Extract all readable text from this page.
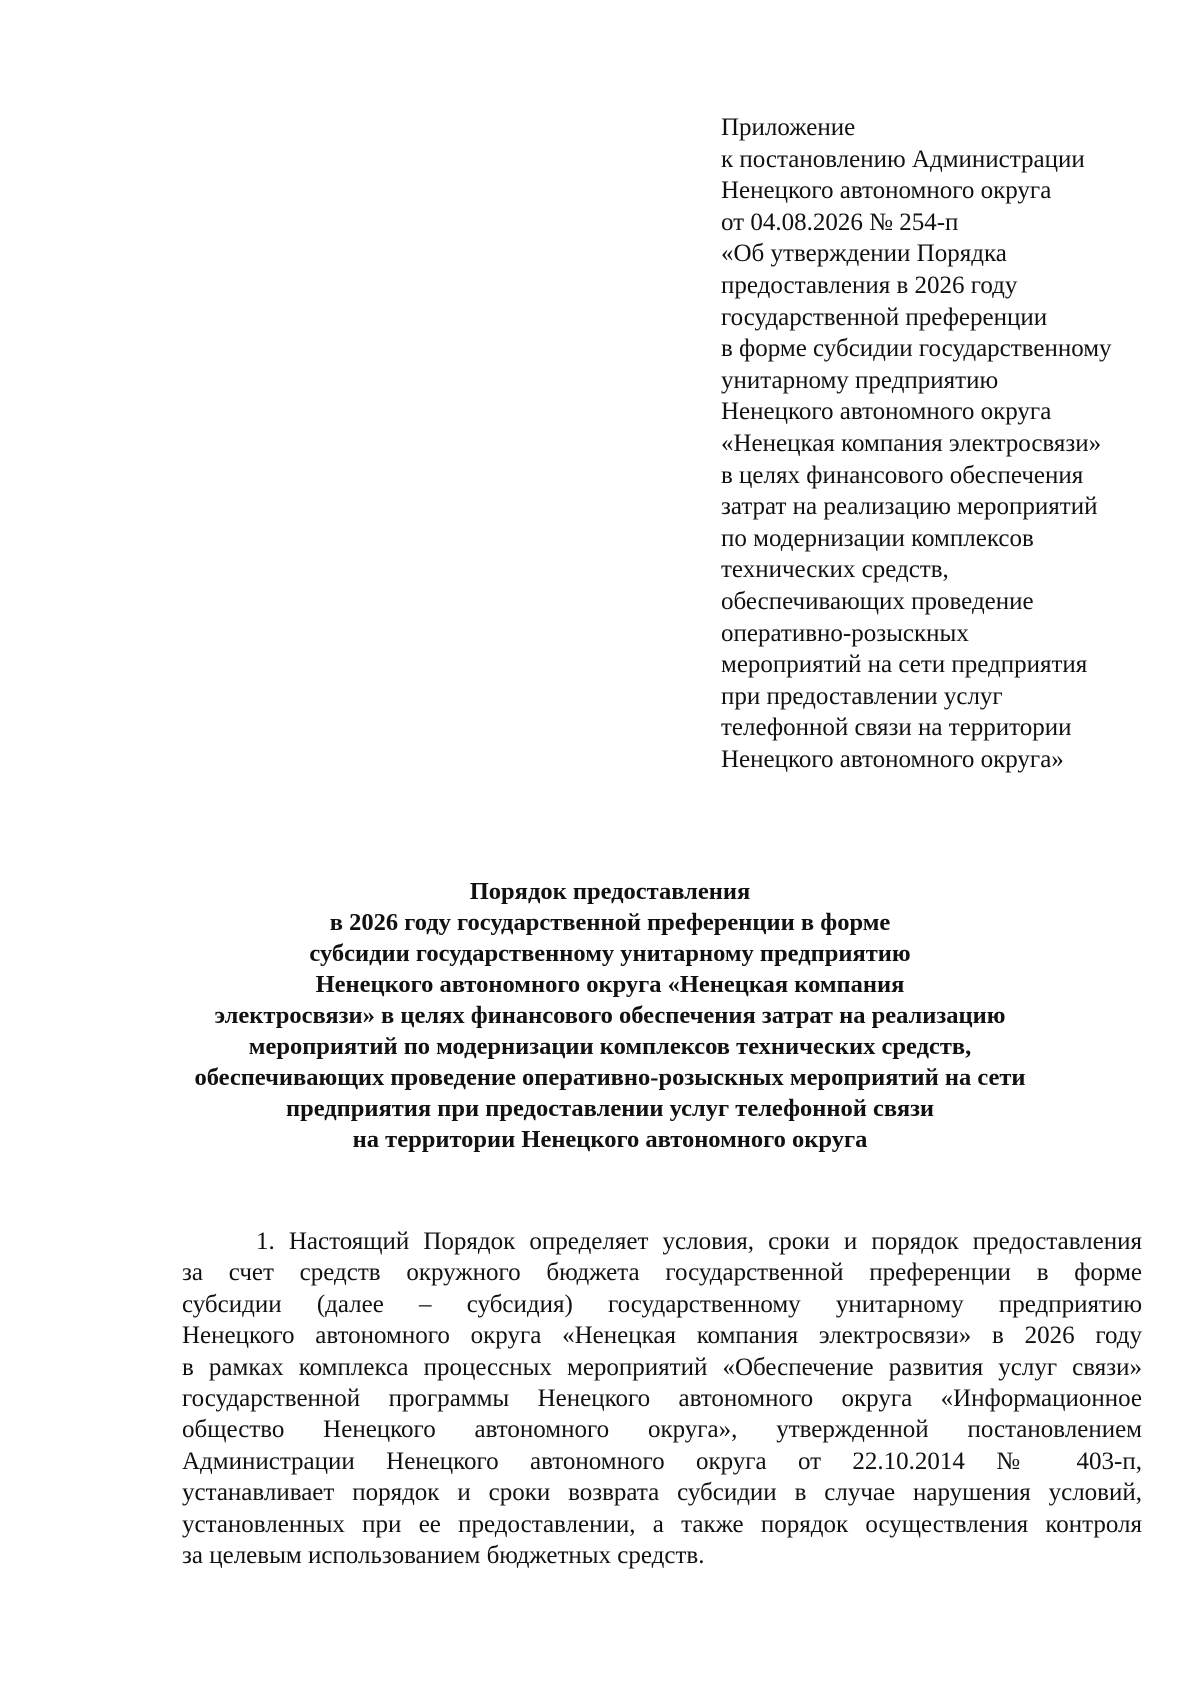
Приложение
к постановлению Администрации
Ненецкого автономного округа
от 04.08.2026 № 254-п
«Об утверждении Порядка
предоставления в 2026 году
государственной преференции
в форме субсидии государственному
унитарному предприятию
Ненецкого автономного округа
«Ненецкая компания электросвязи»
в целях финансового обеспечения
затрат на реализацию мероприятий
по модернизации комплексов
технических средств,
обеспечивающих проведение
оперативно-розыскных
мероприятий на сети предприятия
при предоставлении услуг
телефонной связи на территории
Ненецкого автономного округа»
Порядок предоставления
в 2026 году государственной преференции в форме
субсидии государственному унитарному предприятию
Ненецкого автономного округа «Ненецкая компания
электросвязи» в целях финансового обеспечения затрат на реализацию
мероприятий по модернизации комплексов технических средств,
обеспечивающих проведение оперативно-розыскных мероприятий на сети
предприятия при предоставлении услуг телефонной связи
на территории Ненецкого автономного округа
1. Настоящий Порядок определяет условия, сроки и порядок предоставления
за счет средств окружного бюджета государственной преференции в форме
субсидии (далее – субсидия) государственному унитарному предприятию
Ненецкого автономного округа «Ненецкая компания электросвязи» в 2026 году
в рамках комплекса процессных мероприятий «Обеспечение развития услуг связи»
государственной программы Ненецкого автономного округа «Информационное
общество Ненецкого автономного округа», утвержденной постановлением
Администрации Ненецкого автономного округа от 22.10.2014 № 403-п,
устанавливает порядок и сроки возврата субсидии в случае нарушения условий,
установленных при ее предоставлении, а также порядок осуществления контроля
за целевым использованием бюджетных средств.
